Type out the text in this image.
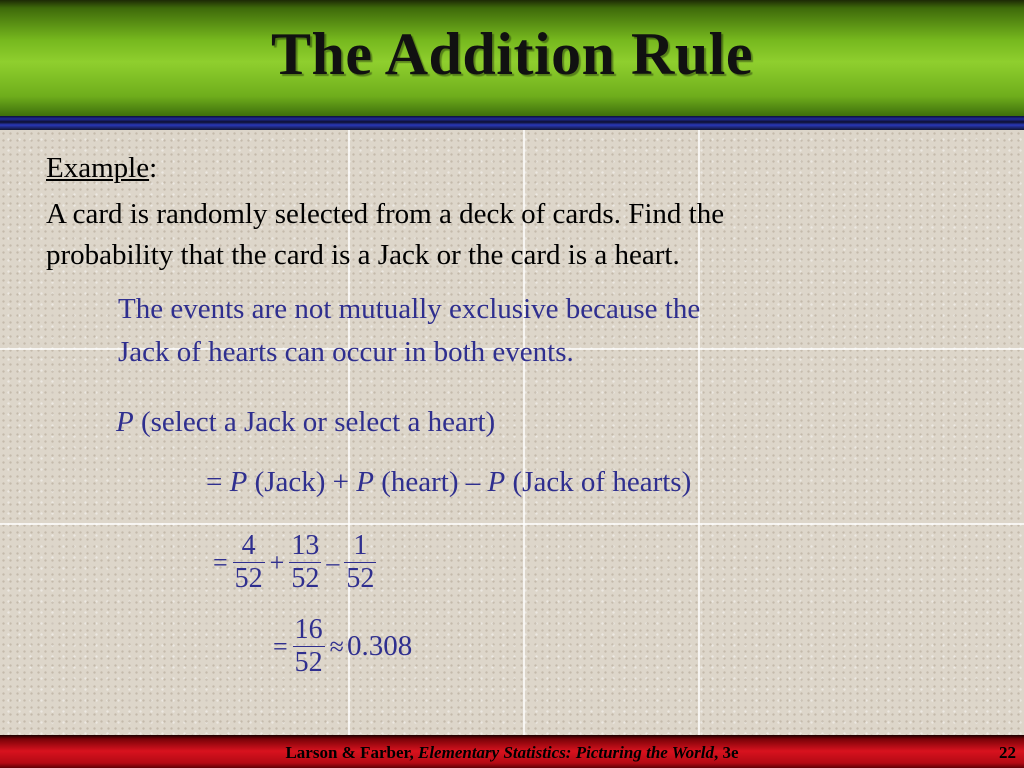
The Addition Rule
Example:
A card is randomly selected from a deck of cards. Find the
probability that the card is a Jack or the card is a heart.
The events are not mutually exclusive because the
Jack of hearts can occur in both events.
P (select a Jack or select a heart)
= P (Jack) + P (heart) – P (Jack of hearts)
= $\frac{4}{52} + \frac{13}{52} - \frac{1}{52}$
= $\frac{16}{52} \approx 0.308$
Larson & Farber, Elementary Statistics: Picturing the World, 3e	22
